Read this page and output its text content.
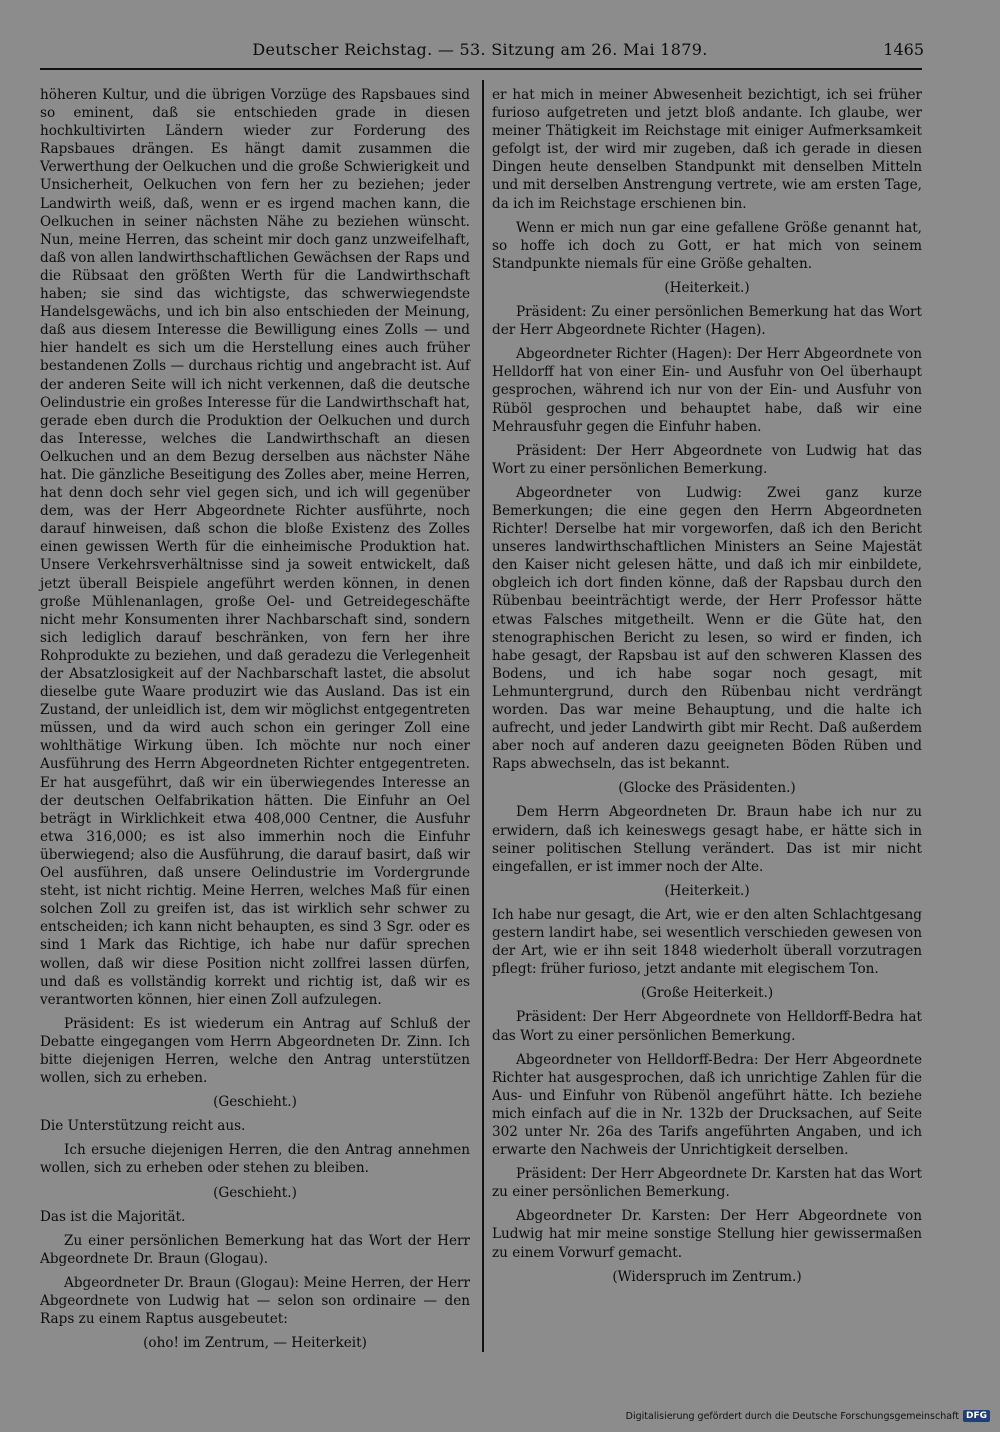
Deutscher Reichstag. — 53. Sitzung am 26. Mai 1879.	1465

höheren Kultur, und die übrigen Vorzüge des Rapsbaues sind so eminent, daß sie entschieden grade in diesen hochkultivirten Ländern wieder zur Forderung des Rapsbaues drängen. Es hängt damit zusammen die Verwerthung der Oelkuchen und die große Schwierigkeit und Unsicherheit, Oelkuchen von fern her zu beziehen; jeder Landwirth weiß, daß, wenn er es irgend machen kann, die Oelkuchen in seiner nächsten Nähe zu beziehen wünscht. Nun, meine Herren, das scheint mir doch ganz unzweifelhaft, daß von allen landwirthschaftlichen Gewächsen der Raps und die Rübsaat den größten Werth für die Landwirthschaft haben; sie sind das wichtigste, das schwerwiegendste Handelsgewächs, und ich bin also entschieden der Meinung, daß aus diesem Interesse die Bewilligung eines Zolls — und hier handelt es sich um die Herstellung eines auch früher bestandenen Zolls — durchaus richtig und angebracht ist. Auf der anderen Seite will ich nicht verkennen, daß die deutsche Oelindustrie ein großes Interesse für die Landwirthschaft hat, gerade eben durch die Produktion der Oelkuchen und durch das Interesse, welches die Landwirthschaft an diesen Oelkuchen und an dem Bezug derselben aus nächster Nähe hat. Die gänzliche Beseitigung des Zolles aber, meine Herren, hat denn doch sehr viel gegen sich, und ich will gegenüber dem, was der Herr Abgeordnete Richter ausführte, noch darauf hinweisen, daß schon die bloße Existenz des Zolles einen gewissen Werth für die einheimische Produktion hat. Unsere Verkehrsverhältnisse sind ja soweit entwickelt, daß jetzt überall Beispiele angeführt werden können, in denen große Mühlenanlagen, große Oel- und Getreidegeschäfte nicht mehr Konsumenten ihrer Nachbarschaft sind, sondern sich lediglich darauf beschränken, von fern her ihre Rohprodukte zu beziehen, und daß geradezu die Verlegenheit der Absatzlosigkeit auf der Nachbarschaft lastet, die absolut dieselbe gute Waare produzirt wie das Ausland. Das ist ein Zustand, der unleidlich ist, dem wir möglichst entgegentreten müssen, und da wird auch schon ein geringer Zoll eine wohlthätige Wirkung üben. Ich möchte nur noch einer Ausführung des Herrn Abgeordneten Richter entgegentreten. Er hat ausgeführt, daß wir ein überwiegendes Interesse an der deutschen Oelfabrikation hätten. Die Einfuhr an Oel beträgt in Wirklichkeit etwa 408,000 Centner, die Ausfuhr etwa 316,000; es ist also immerhin noch die Einfuhr überwiegend; also die Ausführung, die darauf basirt, daß wir Oel ausführen, daß unsere Oelindustrie im Vordergrunde steht, ist nicht richtig. Meine Herren, welches Maß für einen solchen Zoll zu greifen ist, das ist wirklich sehr schwer zu entscheiden; ich kann nicht behaupten, es sind 3 Sgr. oder es sind 1 Mark das Richtige, ich habe nur dafür sprechen wollen, daß wir diese Position nicht zollfrei lassen dürfen, und daß es vollständig korrekt und richtig ist, daß wir es verantworten können, hier einen Zoll aufzulegen.

Präsident: Es ist wiederum ein Antrag auf Schluß der Debatte eingegangen vom Herrn Abgeordneten Dr. Zinn. Ich bitte diejenigen Herren, welche den Antrag unterstützen wollen, sich zu erheben.

(Geschieht.)

Die Unterstützung reicht aus.

Ich ersuche diejenigen Herren, die den Antrag annehmen wollen, sich zu erheben oder stehen zu bleiben.

(Geschieht.)

Das ist die Majorität.

Zu einer persönlichen Bemerkung hat das Wort der Herr Abgeordnete Dr. Braun (Glogau).

Abgeordneter Dr. Braun (Glogau): Meine Herren, der Herr Abgeordnete von Ludwig hat — selon son ordinaire — den Raps zu einem Raptus ausgebeutet:

(oho! im Zentrum, — Heiterkeit)

er hat mich in meiner Abwesenheit bezichtigt, ich sei früher furioso aufgetreten und jetzt bloß andante. Ich glaube, wer meiner Thätigkeit im Reichstage mit einiger Aufmerksamkeit gefolgt ist, der wird mir zugeben, daß ich gerade in diesen Dingen heute denselben Standpunkt mit denselben Mitteln und mit derselben Anstrengung vertrete, wie am ersten Tage, da ich im Reichstage erschienen bin.

Wenn er mich nun gar eine gefallene Größe genannt hat, so hoffe ich doch zu Gott, er hat mich von seinem Standpunkte niemals für eine Größe gehalten.

(Heiterkeit.)

Präsident: Zu einer persönlichen Bemerkung hat das Wort der Herr Abgeordnete Richter (Hagen).

Abgeordneter Richter (Hagen): Der Herr Abgeordnete von Helldorff hat von einer Ein- und Ausfuhr von Oel überhaupt gesprochen, während ich nur von der Ein- und Ausfuhr von Rüböl gesprochen und behauptet habe, daß wir eine Mehrausfuhr gegen die Einfuhr haben.

Präsident: Der Herr Abgeordnete von Ludwig hat das Wort zu einer persönlichen Bemerkung.

Abgeordneter von Ludwig: Zwei ganz kurze Bemerkungen; die eine gegen den Herrn Abgeordneten Richter! Derselbe hat mir vorgeworfen, daß ich den Bericht unseres landwirthschaftlichen Ministers an Seine Majestät den Kaiser nicht gelesen hätte, und daß ich mir einbildete, obgleich ich dort finden könne, daß der Rapsbau durch den Rübenbau beeinträchtigt werde, der Herr Professor hätte etwas Falsches mitgetheilt. Wenn er die Güte hat, den stenographischen Bericht zu lesen, so wird er finden, ich habe gesagt, der Rapsbau ist auf den schweren Klassen des Bodens, und ich habe sogar noch gesagt, mit Lehmuntergrund, durch den Rübenbau nicht verdrängt worden. Das war meine Behauptung, und die halte ich aufrecht, und jeder Landwirth gibt mir Recht. Daß außerdem aber noch auf anderen dazu geeigneten Böden Rüben und Raps abwechseln, das ist bekannt.

(Glocke des Präsidenten.)

Dem Herrn Abgeordneten Dr. Braun habe ich nur zu erwidern, daß ich keineswegs gesagt habe, er hätte sich in seiner politischen Stellung verändert. Das ist mir nicht eingefallen, er ist immer noch der Alte.

(Heiterkeit.)

Ich habe nur gesagt, die Art, wie er den alten Schlachtgesang gestern landirt habe, sei wesentlich verschieden gewesen von der Art, wie er ihn seit 1848 wiederholt überall vorzutragen pflegt: früher furioso, jetzt andante mit elegischem Ton.

(Große Heiterkeit.)

Präsident: Der Herr Abgeordnete von Helldorff-Bedra hat das Wort zu einer persönlichen Bemerkung.

Abgeordneter von Helldorff-Bedra: Der Herr Abgeordnete Richter hat ausgesprochen, daß ich unrichtige Zahlen für die Aus- und Einfuhr von Rübenöl angeführt hätte. Ich beziehe mich einfach auf die in Nr. 132b der Drucksachen, auf Seite 302 unter Nr. 26a des Tarifs angeführten Angaben, und ich erwarte den Nachweis der Unrichtigkeit derselben.

Präsident: Der Herr Abgeordnete Dr. Karsten hat das Wort zu einer persönlichen Bemerkung.

Abgeordneter Dr. Karsten: Der Herr Abgeordnete von Ludwig hat mir meine sonstige Stellung hier gewissermaßen zu einem Vorwurf gemacht.

(Widerspruch im Zentrum.)

Digitalisierung gefördert durch die Deutsche Forschungsgemeinschaft DFG
